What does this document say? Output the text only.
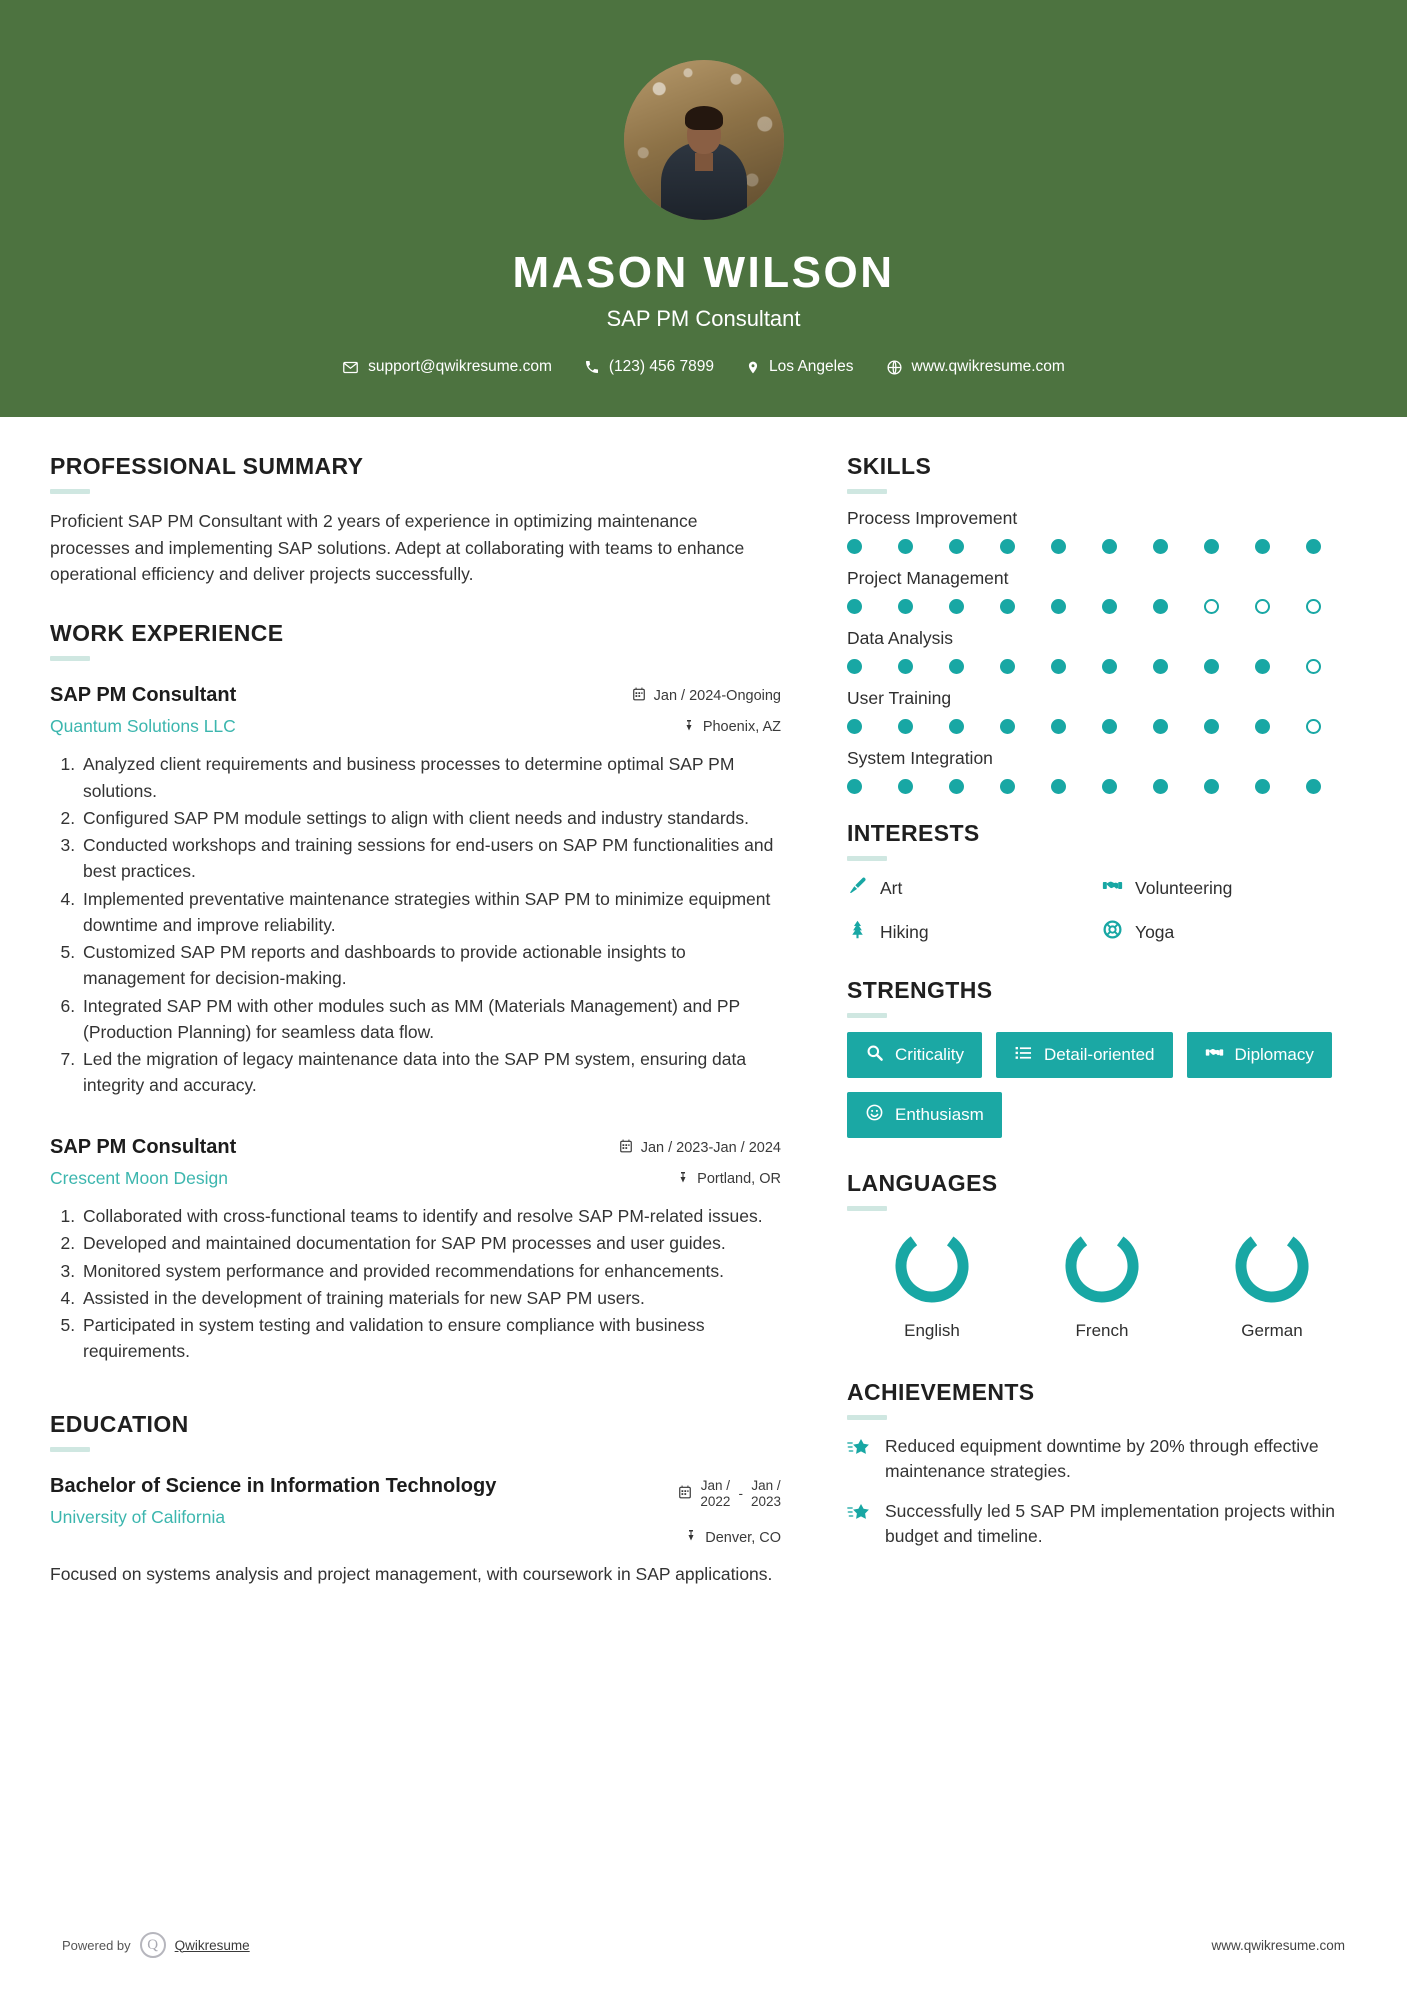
MASON WILSON
SAP PM Consultant
support@qwikresume.com	(123) 456 7899	Los Angeles	www.qwikresume.com
PROFESSIONAL SUMMARY
Proficient SAP PM Consultant with 2 years of experience in optimizing maintenance processes and implementing SAP solutions. Adept at collaborating with teams to enhance operational efficiency and deliver projects successfully.
WORK EXPERIENCE
SAP PM Consultant
Quantum Solutions LLC
Jan / 2024-Ongoing
Phoenix, AZ
1. Analyzed client requirements and business processes to determine optimal SAP PM solutions.
2. Configured SAP PM module settings to align with client needs and industry standards.
3. Conducted workshops and training sessions for end-users on SAP PM functionalities and best practices.
4. Implemented preventative maintenance strategies within SAP PM to minimize equipment downtime and improve reliability.
5. Customized SAP PM reports and dashboards to provide actionable insights to management for decision-making.
6. Integrated SAP PM with other modules such as MM (Materials Management) and PP (Production Planning) for seamless data flow.
7. Led the migration of legacy maintenance data into the SAP PM system, ensuring data integrity and accuracy.
SAP PM Consultant
Crescent Moon Design
Jan / 2023-Jan / 2024
Portland, OR
1. Collaborated with cross-functional teams to identify and resolve SAP PM-related issues.
2. Developed and maintained documentation for SAP PM processes and user guides.
3. Monitored system performance and provided recommendations for enhancements.
4. Assisted in the development of training materials for new SAP PM users.
5. Participated in system testing and validation to ensure compliance with business requirements.
EDUCATION
Bachelor of Science in Information Technology
University of California
Jan /
2022
-
Jan /
2023
Denver, CO
Focused on systems analysis and project management, with coursework in SAP applications.
SKILLS
Process Improvement
Project Management
Data Analysis
User Training
System Integration
INTERESTS
Art	Volunteering
Hiking	Yoga
STRENGTHS
Criticality	Detail-oriented	Diplomacy
Enthusiasm
LANGUAGES
English	French	German
ACHIEVEMENTS
Reduced equipment downtime by 20% through effective maintenance strategies.
Successfully led 5 SAP PM implementation projects within budget and timeline.
Powered by	Q	Qwikresume	www.qwikresume.com
